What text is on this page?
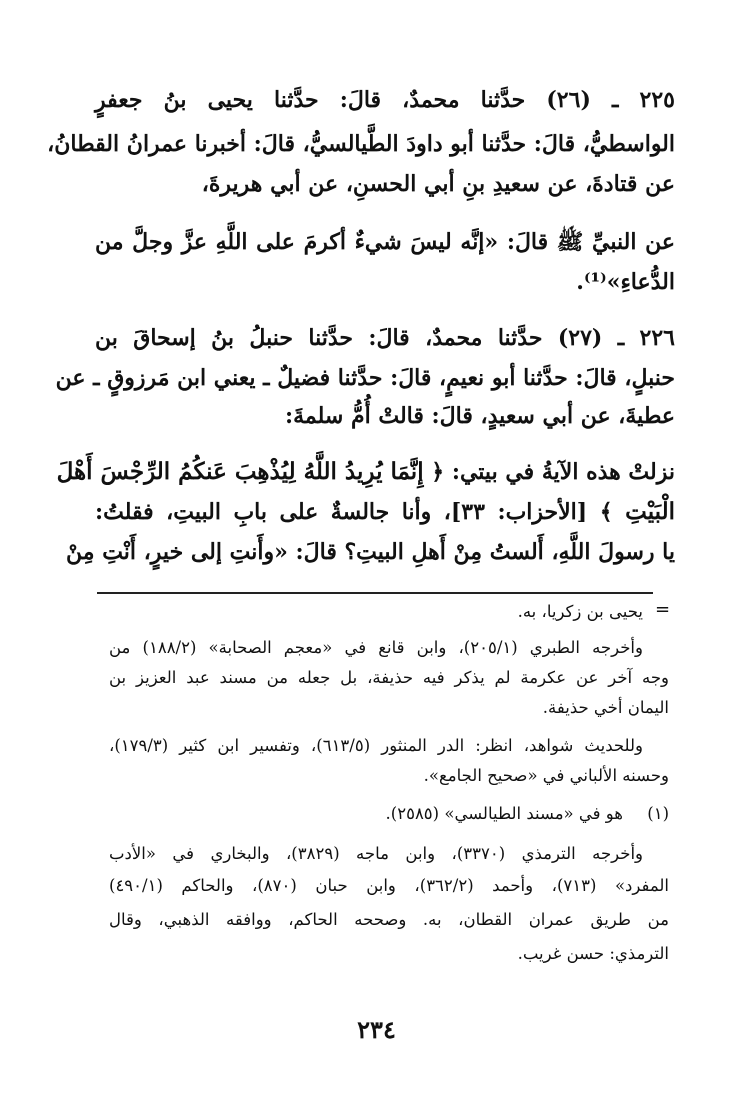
٢٢٥ ـ (٢٦) حدَّثنا محمدٌ، قالَ: حدَّثنا يحيى بنُ جعفرٍ
الواسطيُّ، قالَ: حدَّثنا أبو داودَ الطَّيالسيُّ، قالَ: أخبرنا عمرانُ القطانُ،
عن قتادةَ، عن سعيدِ بنِ أبي الحسنِ، عن أبي هريرةَ،
عن النبيِّ ﷺ قالَ: «إنَّه ليسَ شيءٌ أكرمَ على اللَّهِ عزَّ وجلَّ من
الدُّعاءِ»⁽¹⁾.
٢٢٦ ـ (٢٧) حدَّثنا محمدٌ، قالَ: حدَّثنا حنبلُ بنُ إسحاقَ بن
حنبلٍ، قالَ: حدَّثنا أبو نعيمٍ، قالَ: حدَّثنا فضيلٌ ـ يعني ابن مَرزوقٍ ـ عن
عطيةَ، عن أبي سعيدٍ، قالَ: قالتْ أُمُّ سلمةَ:
نزلتْ هذه الآيةُ في بيتي: ﴿ إِنَّمَا يُرِيدُ اللَّهُ لِيُذْهِبَ عَنكُمُ الرِّجْسَ أَهْلَ
الْبَيْتِ ﴾ [الأحزاب: ٣٣]، وأنا جالسةٌ على بابِ البيتِ، فقلتُ:
يا رسولَ اللَّهِ، أَلستُ مِنْ أَهلِ البيتِ؟ قالَ: «وأَنتِ إلى خيرٍ، أَنْتِ مِنْ
=
يحيى بن زكريا، به.
وأخرجه الطبري (٢٠٥/١)، وابن قانع في «معجم الصحابة» (١٨٨/٢) من
وجه آخر عن عكرمة لم يذكر فيه حذيفة، بل جعله من مسند عبد العزيز بن
اليمان أخي حذيفة.
وللحديث شواهد، انظر: الدر المنثور (٦١٣/٥)، وتفسير ابن كثير (١٧٩/٣)،
وحسنه الألباني في «صحيح الجامع».
(١)
هو في «مسند الطيالسي» (٢٥٨٥).
وأخرجه الترمذي (٣٣٧٠)، وابن ماجه (٣٨٢٩)، والبخاري في «الأدب
المفرد» (٧١٣)، وأحمد (٣٦٢/٢)، وابن حبان (٨٧٠)، والحاكم (٤٩٠/١)
من طريق عمران القطان، به. وصححه الحاكم، ووافقه الذهبي، وقال
الترمذي: حسن غريب.
٢٣٤
